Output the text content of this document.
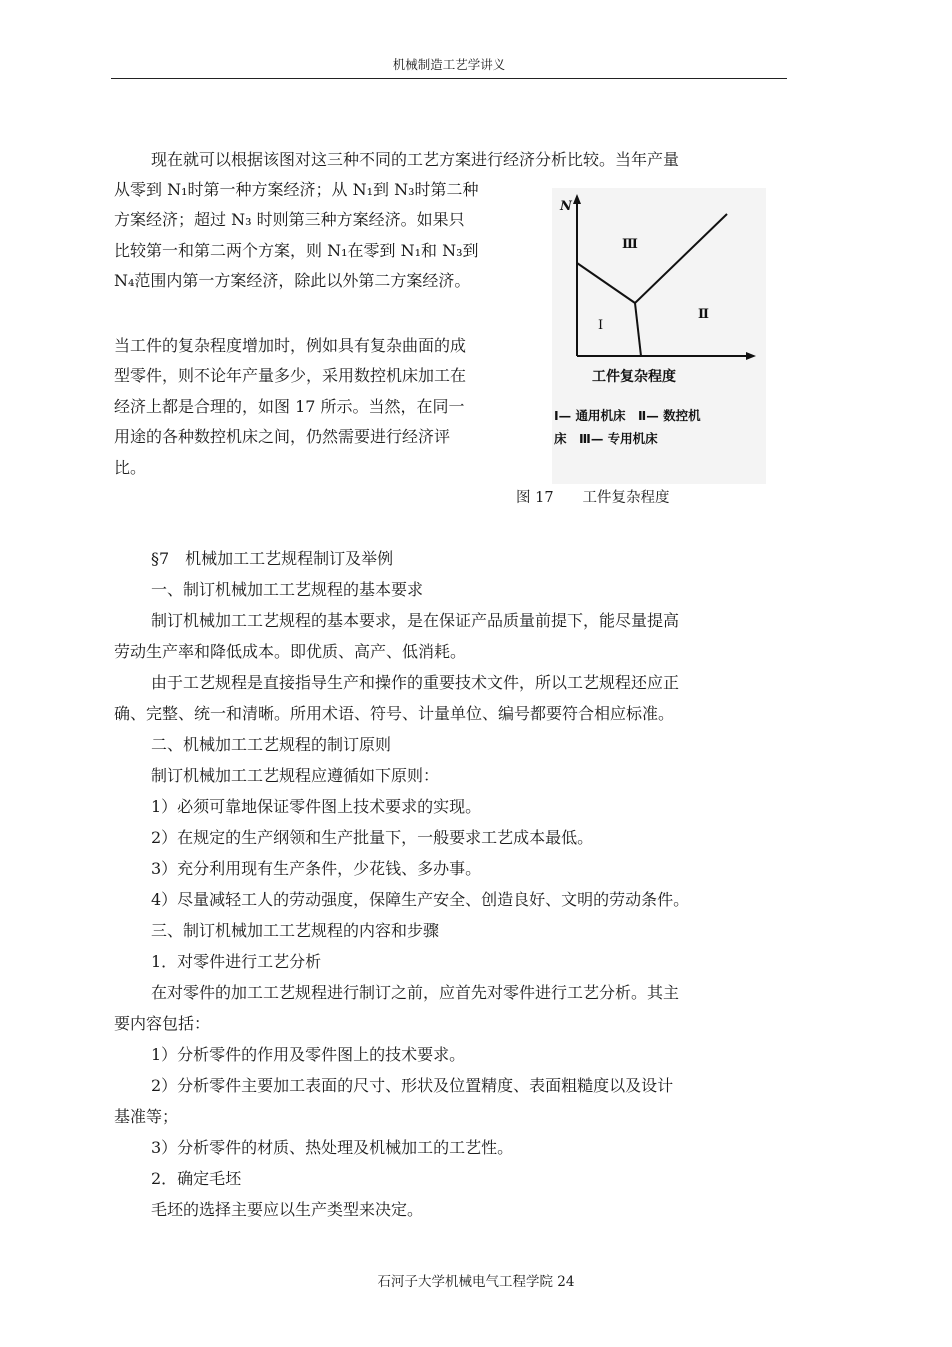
机械制造工艺学讲义

现在就可以根据该图对这三种不同的工艺方案进行经济分析比较。当年产量

从零到 N₁时第一种方案经济；从 N₁到 N₃时第二种

方案经济；超过 N₃ 时则第三种方案经济。如果只

比较第一和第二两个方案，则 N₁在零到 N₁和 N₃到

N₄范围内第一方案经济，除此以外第二方案经济。

当工件的复杂程度增加时，例如具有复杂曲面的成

型零件，则不论年产量多少，采用数控机床加工在

经济上都是合理的，如图 17 所示。当然，在同一

用途的各种数控机床之间，仍然需要进行经济评

比。

N
Ⅲ
Ⅰ
Ⅱ
工件复杂程度
Ⅰ— 通用机床　Ⅱ— 数控机
床　Ⅲ— 专用机床
图 17　　工件复杂程度
§7　机械加工工艺规程制订及举例
一、制订机械加工工艺规程的基本要求
制订机械加工工艺规程的基本要求，是在保证产品质量前提下，能尽量提高
劳动生产率和降低成本。即优质、高产、低消耗。
由于工艺规程是直接指导生产和操作的重要技术文件，所以工艺规程还应正
确、完整、统一和清晰。所用术语、符号、计量单位、编号都要符合相应标准。
二、机械加工工艺规程的制订原则
制订机械加工工艺规程应遵循如下原则：
1）必须可靠地保证零件图上技术要求的实现。
2）在规定的生产纲领和生产批量下，一般要求工艺成本最低。
3）充分利用现有生产条件，少花钱、多办事。
4）尽量减轻工人的劳动强度，保障生产安全、创造良好、文明的劳动条件。
三、制订机械加工工艺规程的内容和步骤
1．对零件进行工艺分析
在对零件的加工工艺规程进行制订之前，应首先对零件进行工艺分析。其主
要内容包括：
1）分析零件的作用及零件图上的技术要求。
2）分析零件主要加工表面的尺寸、形状及位置精度、表面粗糙度以及设计
基准等；
3）分析零件的材质、热处理及机械加工的工艺性。
2．确定毛坯
毛坯的选择主要应以生产类型来决定。
石河子大学机械电气工程学院 24
